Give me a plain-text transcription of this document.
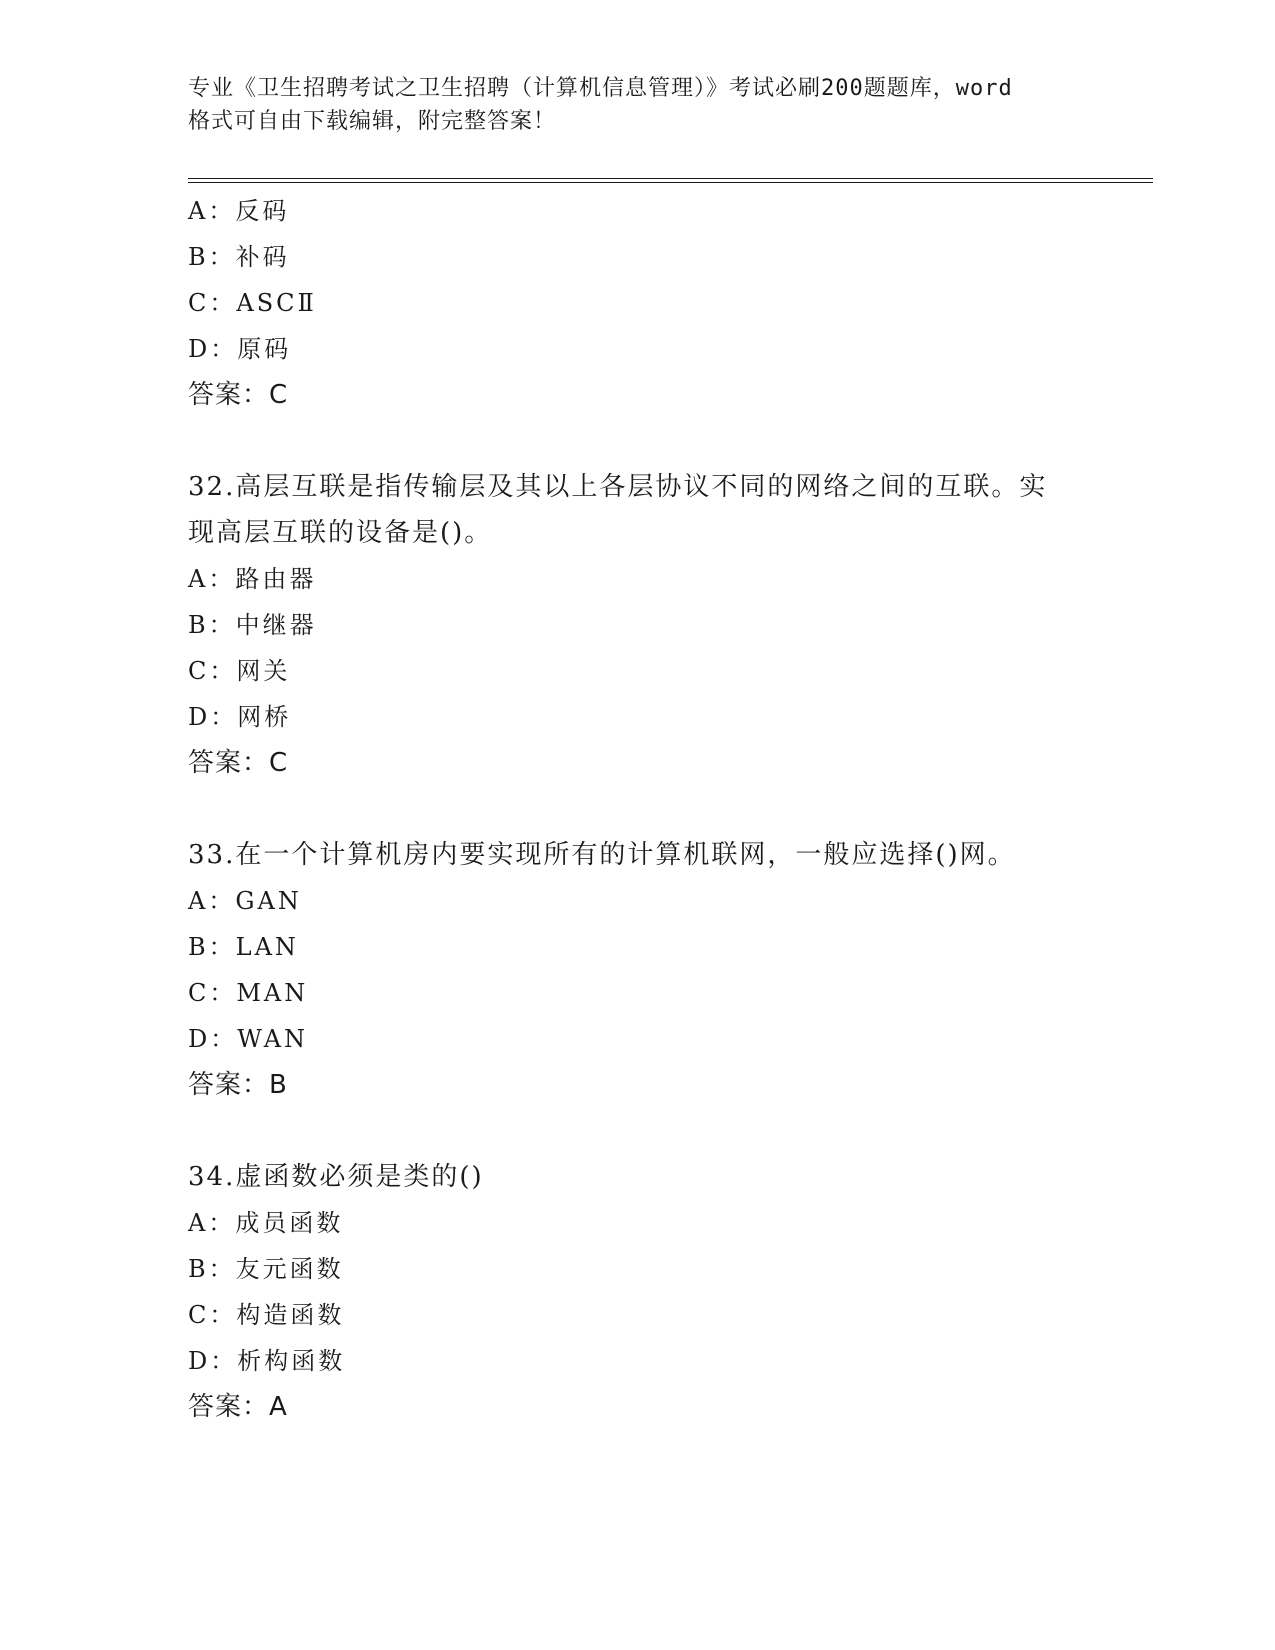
专业《卫生招聘考试之卫生招聘（计算机信息管理）》考试必刷200题题库，word
格式可自由下载编辑，附完整答案！
A：反码
B：补码
C：ASCⅡ
D：原码
答案：C
32.高层互联是指传输层及其以上各层协议不同的网络之间的互联。实
现高层互联的设备是()。
A：路由器
B：中继器
C：网关
D：网桥
答案：C
33.在一个计算机房内要实现所有的计算机联网，一般应选择()网。
A：GAN
B：LAN
C：MAN
D：WAN
答案：B
34.虚函数必须是类的()
A：成员函数
B：友元函数
C：构造函数
D：析构函数
答案：A
